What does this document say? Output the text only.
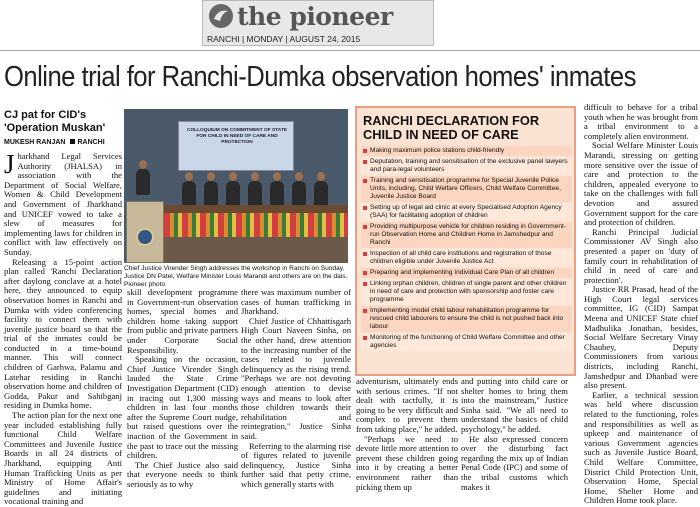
the pioneer
RANCHI | MONDAY | AUGUST 24, 2015
Online trial for Ranchi-Dumka observation homes' inmates
CJ pat for CID's 'Operation Muskan'
MUKESH RANJAN RANCHI

Jharkhand Legal Services Authority (JHALSA) in association with the Department of Social Welfare, Women & Child Development and Government of Jharkhand and UNICEF vowed to take a slew of measures for implementing laws for children in conflict with law effectively on Sunday.

Releasing a 15-point action plan called 'Ranchi Declaration after daylong conclave at a hotel here, they announced to equip observation homes in Ranchi and Dumka with video conferencing facility to connect them with juvenile justice board so that the trial of the inmates could be conducted in a time-bound manner. This will connect children of Garhwa, Palamu and Latehar residing in Ranchi observation home and children of Godda, Pakur and Sahibganj residing in Dumka home.

The action plan for the next one year included establishing fully functional Child Welfare Committees and Juvenile Justice Boards in all 24 districts of Jharkhand, equipping Anti Human Trafficking Units as per Ministry of Home Affair's guidelines and initiating vocational training and

COLLOQUIUM ON COMMITMENT OF STATE FOR CHILD IN NEED OF CARE AND PROTECTION
Chief Justice Virender Singh addresses the workshop in Ranchi on Sunday. Justice DN Patel, Welfare Minister Louis Marandi and others are on the dais. Pioneer photo

skill development programme in Government-run observation homes, special homes and children home taking support from public and private partners under Corporate Social Responsibility.

Speaking on the occasion, Chief Justice Virender Singh lauded the State Crime Investigation Department (CID) in tracing out 1,300 missing children in last four months after the Supreme Court nudge, but raised questions over the inaction of the Government in the past to trace out the missing children.

The Chief Justice also said that everyone needs to think seriously as to why

there was maximum number of cases of human trafficking in Jharkhand.

Chief Justice of Chhattisgarh High Court Naveen Sinha, on the other hand, drew attention to the increasing number of the cases related to juvenile delinquency as the rising trend. "Perhaps we are not devoting enough attention to devise ways and means to look after those children towards their rehabilitation and reintegration," Justice Sinha said.

Referring to the alarming rise of figures related to juvenile delinquency, Justice Sinha further said that petty crime, which generally starts with

RANCHI DECLARATION FOR
CHILD IN NEED OF CARE
Making maximum police stations child-friendly
Deputation, training and sensitisation of the exclusive panel lawyers and para-legal volunteers
Training and sensitisation programme for Special Juvenile Police Units, including, Child Welfare Officers, Child Welfare Committee, Juvenile Justice Board
Setting up of legal aid clinic at every Specialised Adoption Agency (SAA) for facilitating adoption of children
Providing multipurpose vehicle for children residing in Government-run Observation Home and Children Home in Jamshedpur and Ranchi
Inspection of all child care institutions and registration of those children eligible under Juvenile Justice Act
Preparing and implementing Individual Care Plan of all children
Linking orphan children, children of single parent and other children in need of care and protection with sponsorship and foster care programme
Implementing model child labour rehabilitation programme for rescued child labourers to ensure the child is not pushed back into labour
Monitoring of the functioning of Child Welfare Committee and other agencies

adventurism, ultimately ends with serious crimes. "If not dealt with tactfully, it is going to be very difficult and complex to prevent them from taking place," he added.

"Perhaps we need to devote little more attention to prevent these children going into it by creating a better environment rather than picking them up

and putting into child care or shelter homes to bring them into the mainstream," Justice Sinha said. "We all need to understand the basics of child psychology," he added.

He also expressed concern over the disturbing fact regarding the mix up of Indian Penal Code (IPC) and some of the tribal customs which makes it

difficult to behave for a tribal youth when he was brought from a tribal environment to a completely alien environment.

Social Welfare Minister Louis Marandi, stressing on getting more sensitive over the issue of care and protection to the children, appealed everyone to take on the challenges with full devotion and assured Government support for the care and protection of children.

Ranchi Principal Judicial Commissioner AV Singh also presented a paper on 'duty of family court in rehabilitation of child in need of care and protection'.

Justice RR Prasad, head of the High Court legal services committee, IG (CID) Sampat Meena and UNICEF State chief Madhulika Jonathan, besides, Social Welfare Secretary Vinay Chaubey, Deputy Commissioners from various districts, including Ranchi, Jamshedpur and Dhanbad were also present.

Earlier, a technical session was held where discussion related to the functioning, roles and responsibilities as well as upkeep and maintenance of various Government agencies such as Juvenile Justice Board, Child Welfare Committee, District Child Protection Unit, Observation Home, Special Home, Shelter Home and Children Home took place.
